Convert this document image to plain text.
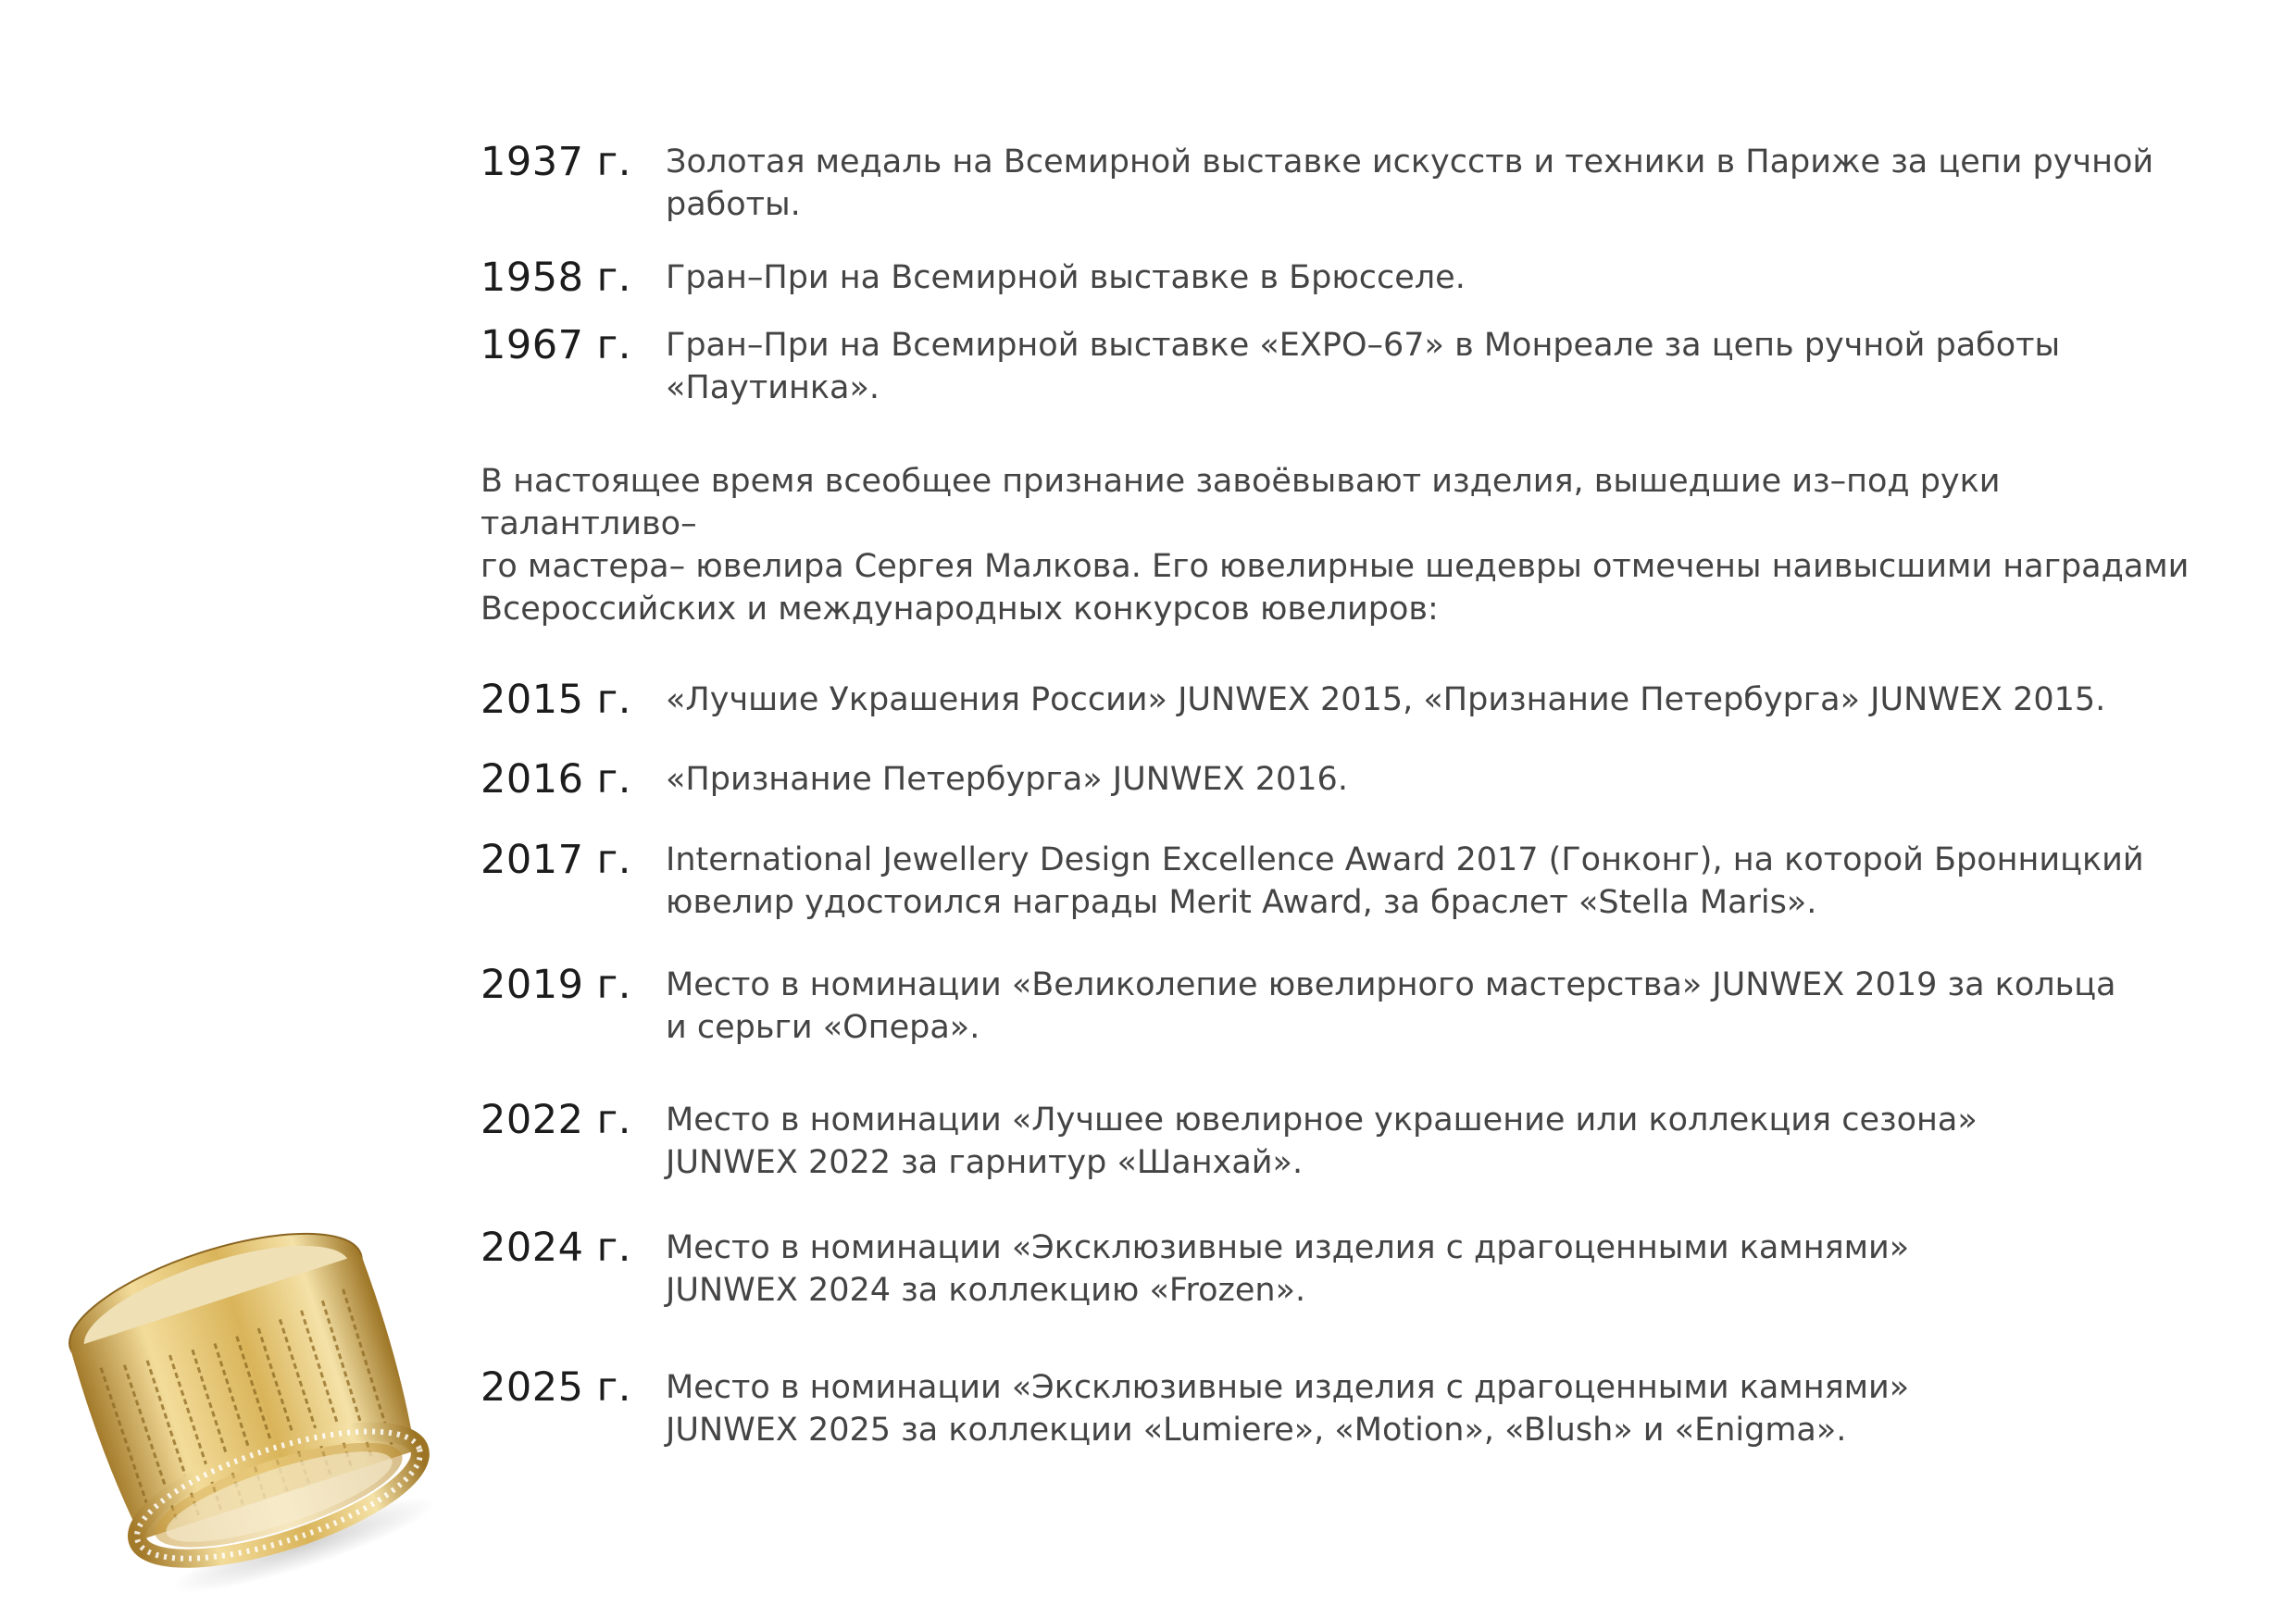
1937 г.	Золотая медаль на Всемирной выставке искусств и техники в Париже за цепи ручной
работы.
1958 г.	Гран–При на Всемирной выставке в Брюсселе.
1967 г.	Гран–При на Всемирной выставке «EXPO–67» в Монреале за цепь ручной работы
«Паутинка».
В настоящее время всеобщее признание завоёвывают изделия, вышедшие из–под руки талантливо–
го мастера– ювелира Сергея Малкова. Его ювелирные шедевры отмечены наивысшими наградами
Всероссийских и международных конкурсов ювелиров:
2015 г.	«Лучшие Украшения России» JUNWEX 2015, «Признание Петербурга» JUNWEX 2015.
2016 г.	«Признание Петербурга» JUNWEX 2016.
2017 г.	International Jewellery Design Excellence Award 2017 (Гонконг), на которой Бронницкий
ювелир удостоился награды Merit Award, за браслет «Stella Maris».
2019 г.	Место в номинации «Великолепие ювелирного мастерства» JUNWEX 2019 за кольца
и серьги «Опера».
2022 г.	Место в номинации «Лучшее ювелирное украшение или коллекция сезона»
JUNWEX 2022 за гарнитур «Шанхай».
2024 г.	Место в номинации «Эксклюзивные изделия с драгоценными камнями»
JUNWEX 2024 за коллекцию «Frozen».
2025 г.	Место в номинации «Эксклюзивные изделия с драгоценными камнями»
JUNWEX 2025 за коллекции «Lumiere», «Motion», «Blush» и «Enigma».
